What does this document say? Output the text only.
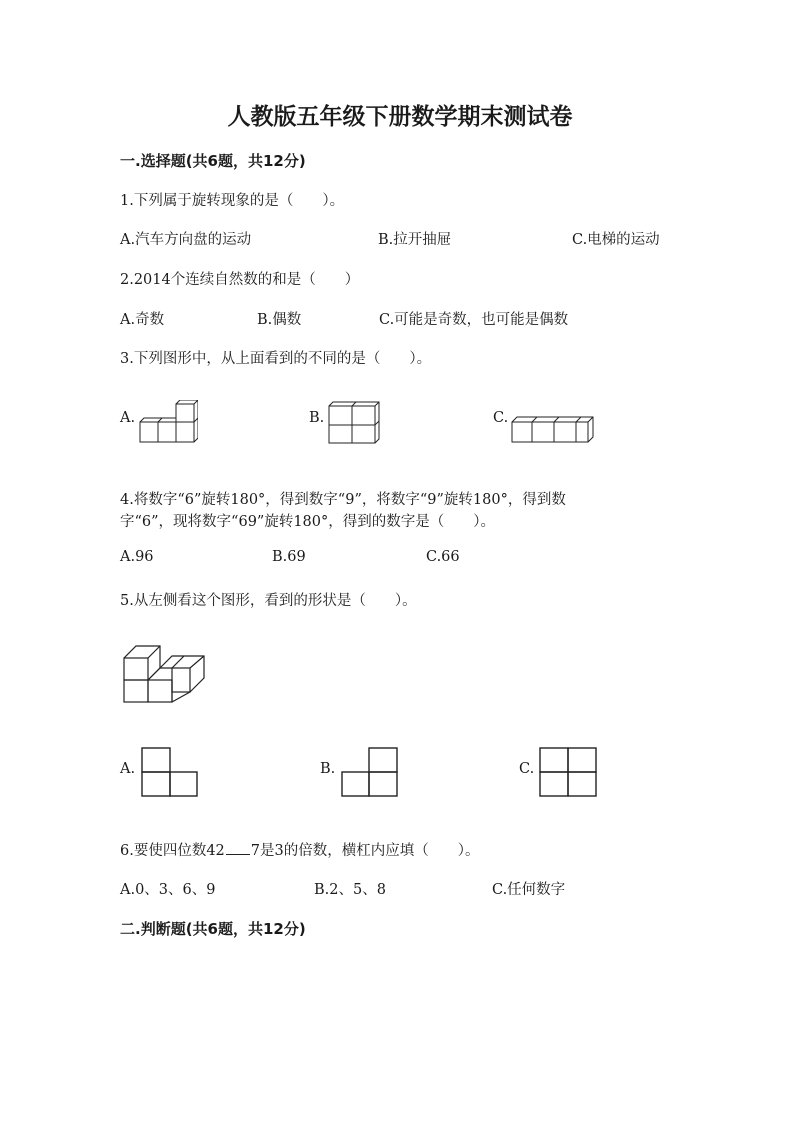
人教版五年级下册数学期末测试卷
一.选择题(共6题，共12分)
1.下列属于旋转现象的是（　　）。
A.汽车方向盘的运动	B.拉开抽屉	C.电梯的运动
2.2014个连续自然数的和是（　　）
A.奇数	B.偶数	C.可能是奇数，也可能是偶数
3.下列图形中，从上面看到的不同的是（　　）。
A.	B.	C.
4.将数字“6”旋转180°，得到数字“9”，将数字“9”旋转180°，得到数
字“6”，现将数字“69”旋转180°，得到的数字是（　　）。
A.96	B.69	C.66
5.从左侧看这个图形，看到的形状是（　　）。
A.	B.	C.
6.要使四位数42 7是3的倍数，横杠内应填（　　）。
A.0、3、6、9	B.2、5、8	C.任何数字
二.判断题(共6题，共12分)
